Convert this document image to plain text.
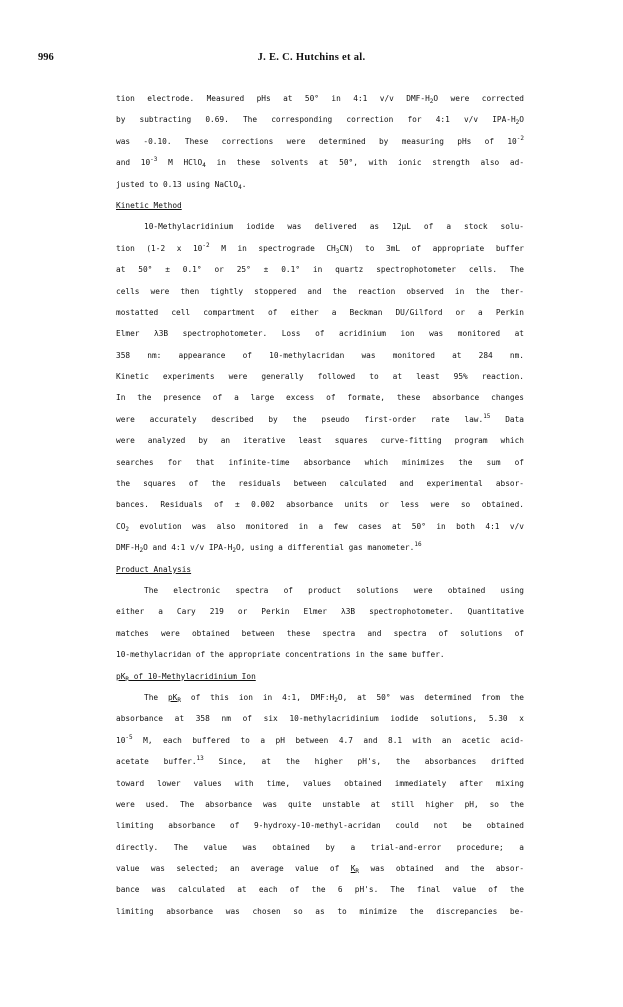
996	J. E. C. Hutchins et al.
tion electrode. Measured pHs at 50° in 4:1 v/v DMF-$H_2O$ were corrected
by subtracting 0.69. The corresponding correction for 4:1 v/v IPA-$H_2O$
was -0.10. These corrections were determined by measuring pHs of $10^{-2}$
and $10^{-3}$ M HClO$_4$ in these solvents at 50°, with ionic strength also ad-
justed to 0.13 using NaClO$_4$.
Kinetic Method
10-Methylacridinium iodide was delivered as 12μL of a stock solu-
tion (1-2 x $10^{-2}$ M in spectrograde $CH_3CN$) to 3mL of appropriate buffer
at 50° ± 0.1° or 25° ± 0.1° in quartz spectrophotometer cells. The
cells were then tightly stoppered and the reaction observed in the ther-
mostatted cell compartment of either a Beckman DU/Gilford or a Perkin
Elmer λ3B spectrophotometer. Loss of acridinium ion was monitored at
358 nm: appearance of 10-methylacridan was monitored at 284 nm.
Kinetic experiments were generally followed to at least 95% reaction.
In the presence of a large excess of formate, these absorbance changes
were accurately described by the pseudo first-order rate law.$^{15}$ Data
were analyzed by an iterative least squares curve-fitting program which
searches for that infinite-time absorbance which minimizes the sum of
the squares of the residuals between calculated and experimental absor-
bances. Residuals of ± 0.002 absorbance units or less were so obtained.
$CO_2$ evolution was also monitored in a few cases at 50° in both 4:1 v/v
DMF-$H_2O$ and 4:1 v/v IPA-$H_2O$, using a differential gas manometer.$^{16}$
Product Analysis
The electronic spectra of product solutions were obtained using
either a Cary 219 or Perkin Elmer λ3B spectrophotometer. Quantitative
matches were obtained between these spectra and spectra of solutions of
10-methylacridan of the appropriate concentrations in the same buffer.
$pK_R$ of 10-Methylacridinium Ion
The $pK_R$ of this ion in 4:1, $DMF:H_2O$, at 50° was determined from the
absorbance at 358 nm of six 10-methylacridinium iodide solutions, 5.30 x
$10^{-5}$ M, each buffered to a pH between 4.7 and 8.1 with an acetic acid-
acetate buffer.$^{13}$ Since, at the higher pH's, the absorbances drifted
toward lower values with time, values obtained immediately after mixing
were used. The absorbance was quite unstable at still higher pH, so the
limiting absorbance of 9-hydroxy-10-methyl-acridan could not be obtained
directly. The value was obtained by a trial-and-error procedure; a
value was selected; an average value of $K_R$ was obtained and the absor-
bance was calculated at each of the 6 pH's. The final value of the
limiting absorbance was chosen so as to minimize the discrepancies be-
